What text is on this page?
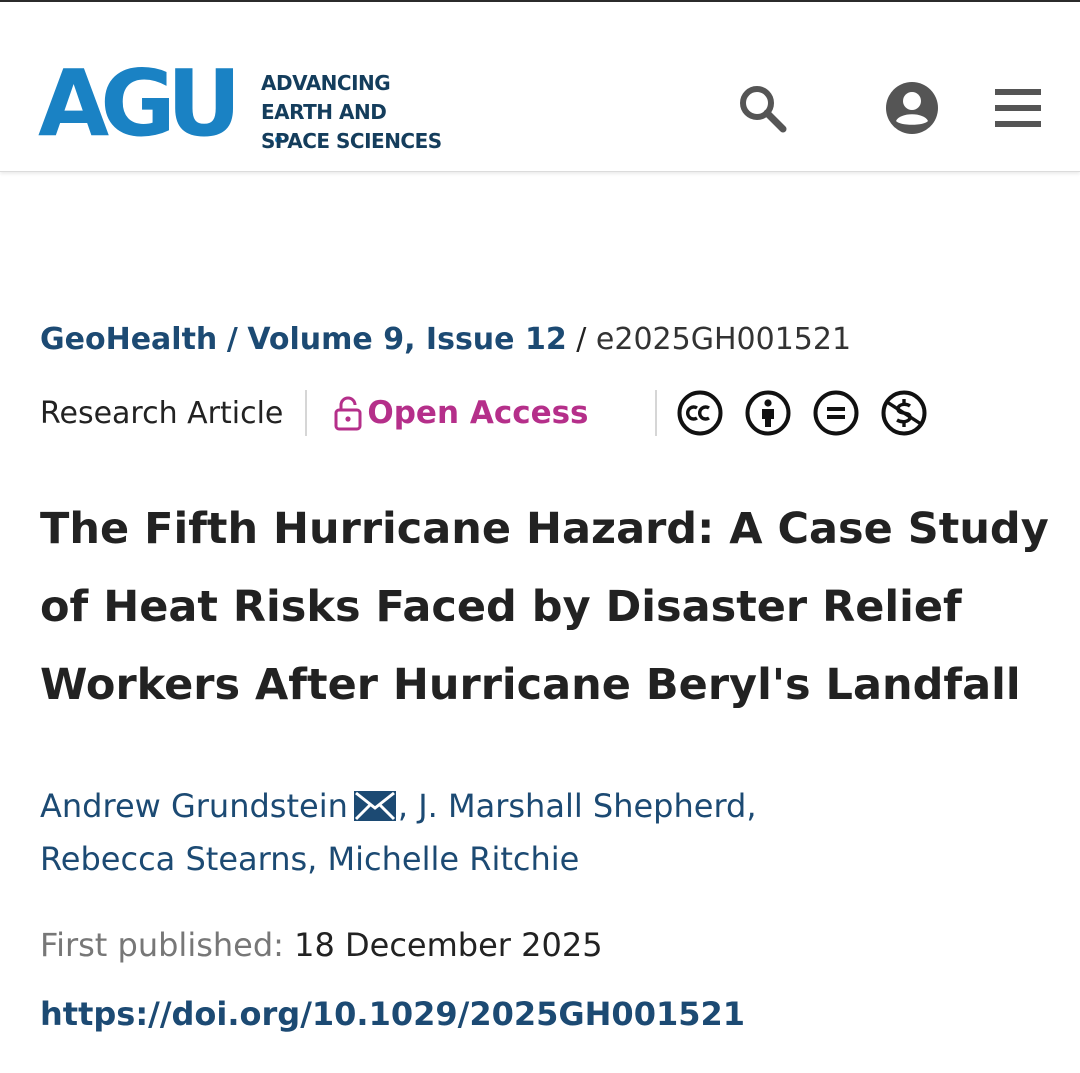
AGU ADVANCING
EARTH AND
SPACE SCIENCES
GeoHealth / Volume 9, Issue 12 / e2025GH001521
Research Article	Open Access
The Fifth Hurricane Hazard: A Case Study of Heat Risks Faced by Disaster Relief Workers After Hurricane Beryl's Landfall
Andrew Grundstein , J. Marshall Shepherd,
Rebecca Stearns, Michelle Ritchie
First published: 18 December 2025
https://doi.org/10.1029/2025GH001521
